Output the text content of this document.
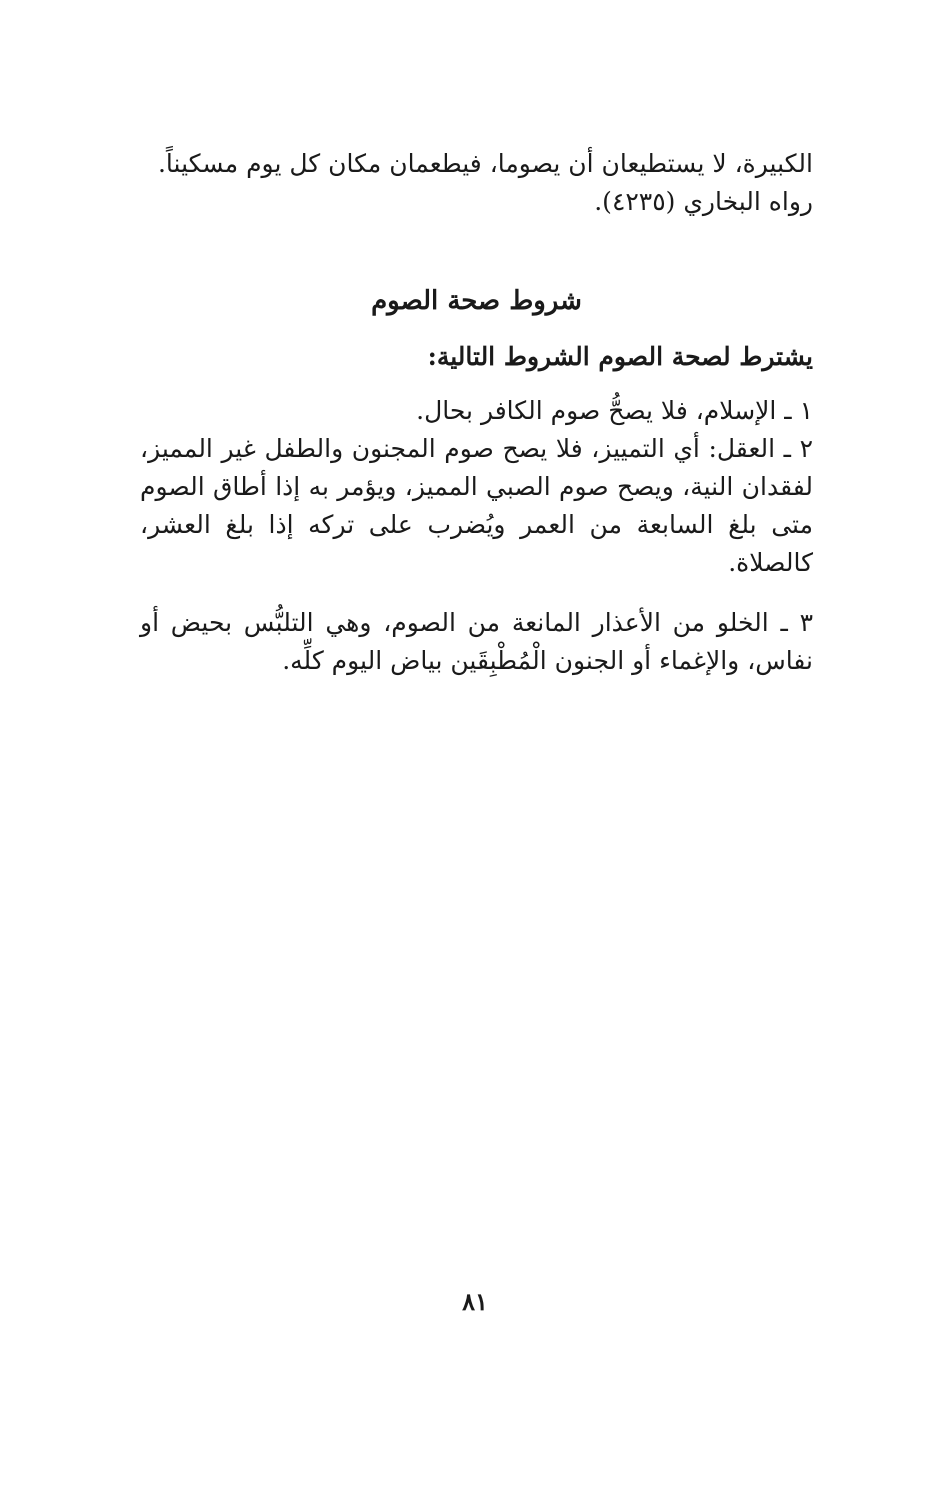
الكبيرة، لا يستطيعان أن يصوما، فيطعمان مكان كل يوم مسكيناً.

رواه البخاري (٤٢٣٥).

شروط صحة الصوم
يشترط لصحة الصوم الشروط التالية:

١ ـ الإسلام، فلا يصحُّ صوم الكافر بحال.

٢ ـ العقل: أي التمييز، فلا يصح صوم المجنون والطفل غير المميز، لفقدان النية، ويصح صوم الصبي المميز، ويؤمر به إذا أطاق الصوم متى بلغ السابعة من العمر ويُضرب على تركه إذا بلغ العشر، كالصلاة.

٣ ـ الخلو من الأعذار المانعة من الصوم، وهي التلبُّس بحيض أو نفاس، والإغماء أو الجنون الْمُطْبِقَين بياض اليوم كلِّه.

٨١
